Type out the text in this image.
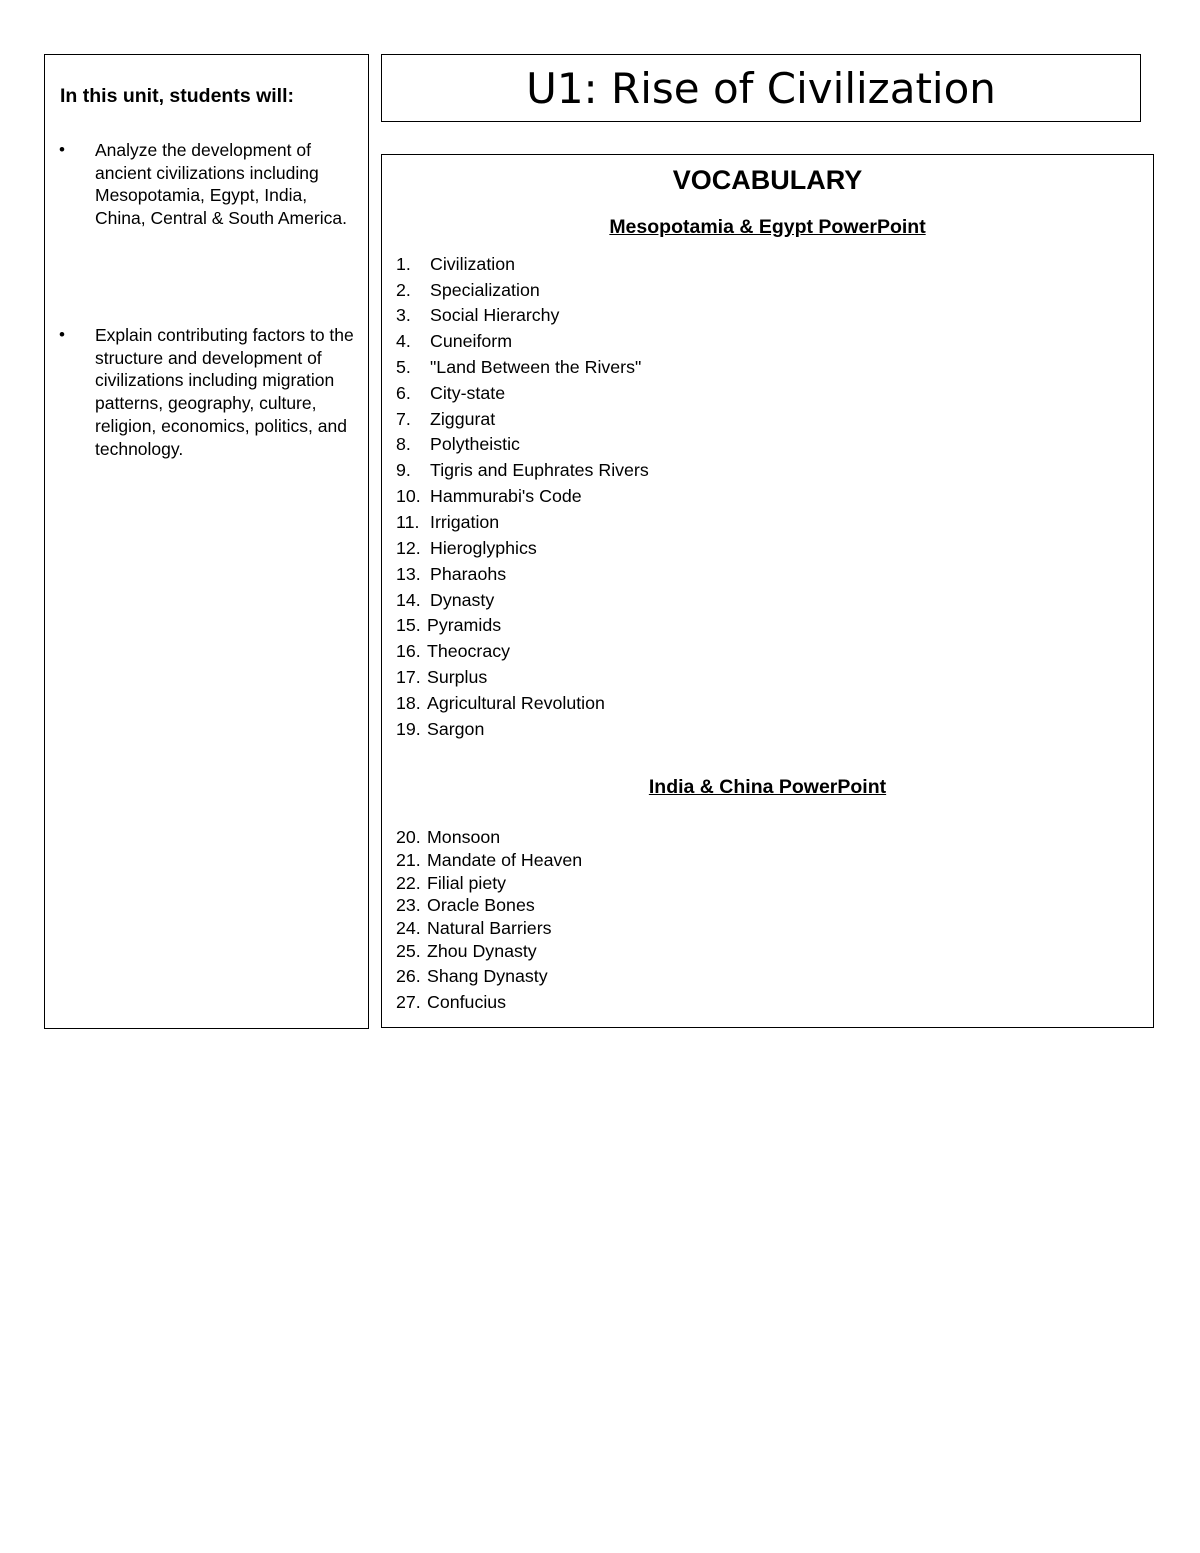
In this unit, students will:
• Analyze the development of ancient civilizations including Mesopotamia, Egypt, India, China, Central & South America.
• Explain contributing factors to the structure and development of civilizations including migration patterns, geography, culture, religion, economics, politics, and technology.
U1: Rise of Civilization
VOCABULARY
Mesopotamia & Egypt PowerPoint
1. Civilization
2. Specialization
3. Social Hierarchy
4. Cuneiform
5. "Land Between the Rivers"
6. City-state
7. Ziggurat
8. Polytheistic
9. Tigris and Euphrates Rivers
10. Hammurabi's Code
11. Irrigation
12. Hieroglyphics
13. Pharaohs
14. Dynasty
15. Pyramids
16. Theocracy
17. Surplus
18. Agricultural Revolution
19. Sargon
India & China PowerPoint
20. Monsoon
21. Mandate of Heaven
22. Filial piety
23. Oracle Bones
24. Natural Barriers
25. Zhou Dynasty
26. Shang Dynasty
27. Confucius
